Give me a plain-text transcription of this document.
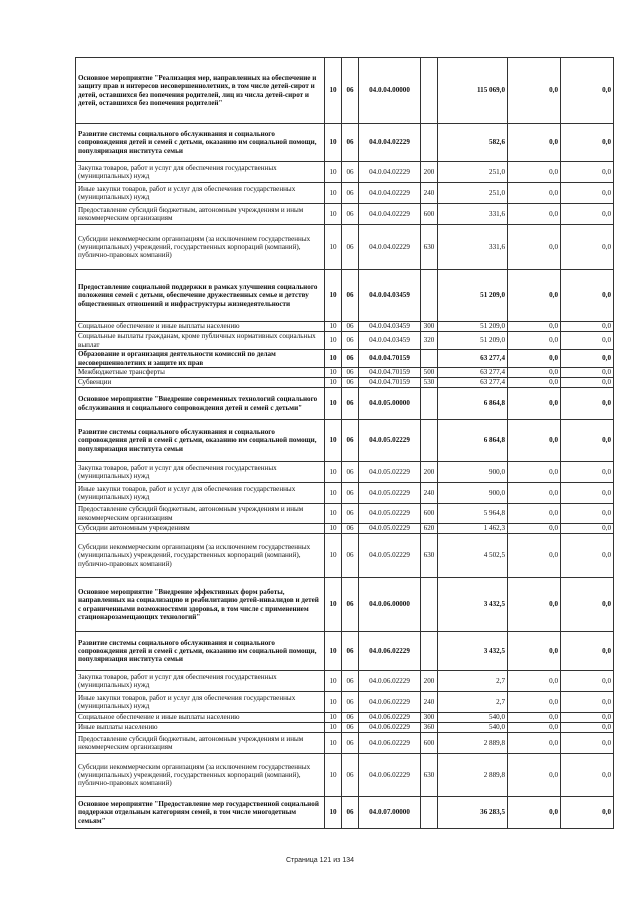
Основное мероприятие "Реализация мер, направленных на обеспечение и защиту прав и интересов несовершеннолетних, в том числе детей-сирот и детей, оставшихся без попечения родителей, лиц из числа детей-сирот и детей, оставшихся без попечения родителей"	10	06	04.0.04.00000		115 069,0	0,0	0,0
Развитие системы социального обслуживания и социального сопровождения детей и семей с детьми, оказанию им социальной помощи, популяризация института семьи	10	06	04.0.04.02229		582,6	0,0	0,0
Закупка товаров, работ и услуг для обеспечения государственных (муниципальных) нужд	10	06	04.0.04.02229	200	251,0	0,0	0,0
Иные закупки товаров, работ и услуг для обеспечения государственных (муниципальных) нужд	10	06	04.0.04.02229	240	251,0	0,0	0,0
Предоставление субсидий бюджетным, автономным учреждениям и иным некоммерческим организациям	10	06	04.0.04.02229	600	331,6	0,0	0,0
Субсидии некоммерческим организациям (за исключением государственных (муниципальных) учреждений, государственных корпораций (компаний), публично-правовых компаний)	10	06	04.0.04.02229	630	331,6	0,0	0,0
Предоставление социальной поддержки в рамках улучшения социального положения семей с детьми, обеспечение дружественных семье и детству общественных отношений и инфраструктуры жизнедеятельности	10	06	04.0.04.03459		51 209,0	0,0	0,0
Социальное обеспечение и иные выплаты населению	10	06	04.0.04.03459	300	51 209,0	0,0	0,0
Социальные выплаты гражданам, кроме публичных нормативных социальных выплат	10	06	04.0.04.03459	320	51 209,0	0,0	0,0
Образование и организация деятельности комиссий по делам несовершеннолетних и защите их прав	10	06	04.0.04.70159		63 277,4	0,0	0,0
Межбюджетные трансферты	10	06	04.0.04.70159	500	63 277,4	0,0	0,0
Субвенции	10	06	04.0.04.70159	530	63 277,4	0,0	0,0
Основное мероприятие "Внедрение современных технологий социального обслуживания и социального сопровождения детей и семей с детьми"	10	06	04.0.05.00000		6 864,8	0,0	0,0
Развитие системы социального обслуживания и социального сопровождения детей и семей с детьми, оказанию им социальной помощи, популяризация института семьи	10	06	04.0.05.02229		6 864,8	0,0	0,0
Закупка товаров, работ и услуг для обеспечения государственных (муниципальных) нужд	10	06	04.0.05.02229	200	900,0	0,0	0,0
Иные закупки товаров, работ и услуг для обеспечения государственных (муниципальных) нужд	10	06	04.0.05.02229	240	900,0	0,0	0,0
Предоставление субсидий бюджетным, автономным учреждениям и иным некоммерческим организациям	10	06	04.0.05.02229	600	5 964,8	0,0	0,0
Субсидии автономным учреждениям	10	06	04.0.05.02229	620	1 462,3	0,0	0,0
Субсидии некоммерческим организациям (за исключением государственных (муниципальных) учреждений, государственных корпораций (компаний), публично-правовых компаний)	10	06	04.0.05.02229	630	4 502,5	0,0	0,0
Основное мероприятие "Внедрение эффективных форм работы, направленных на социализацию и реабилитацию детей-инвалидов и детей с ограниченными возможностями здоровья, в том числе с применением стационарозамещающих технологий"	10	06	04.0.06.00000		3 432,5	0,0	0,0
Развитие системы социального обслуживания и социального сопровождения детей и семей с детьми, оказанию им социальной помощи, популяризация института семьи	10	06	04.0.06.02229		3 432,5	0,0	0,0
Закупка товаров, работ и услуг для обеспечения государственных (муниципальных) нужд	10	06	04.0.06.02229	200	2,7	0,0	0,0
Иные закупки товаров, работ и услуг для обеспечения государственных (муниципальных) нужд	10	06	04.0.06.02229	240	2,7	0,0	0,0
Социальное обеспечение и иные выплаты населению	10	06	04.0.06.02229	300	540,0	0,0	0,0
Иные выплаты населению	10	06	04.0.06.02229	360	540,0	0,0	0,0
Предоставление субсидий бюджетным, автономным учреждениям и иным некоммерческим организациям	10	06	04.0.06.02229	600	2 889,8	0,0	0,0
Субсидии некоммерческим организациям (за исключением государственных (муниципальных) учреждений, государственных корпораций (компаний), публично-правовых компаний)	10	06	04.0.06.02229	630	2 889,8	0,0	0,0
Основное мероприятие "Предоставление мер государственной социальной поддержки отдельным категориям семей, в том числе многодетным семьям"	10	06	04.0.07.00000		36 283,5	0,0	0,0
Страница 121 из 134
